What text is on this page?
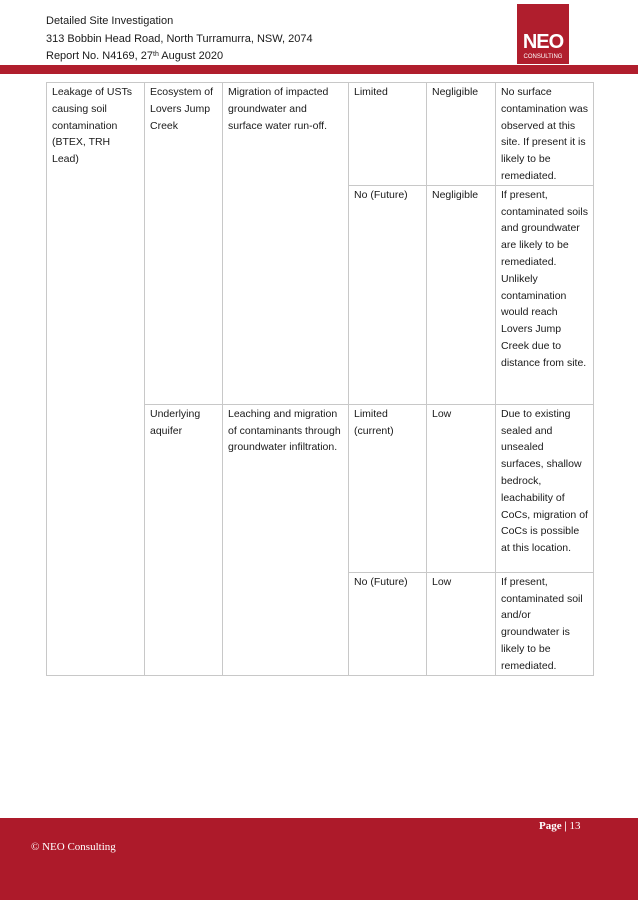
Detailed Site Investigation
313 Bobbin Head Road, North Turramurra, NSW, 2074
Report No. N4169, 27th August 2020
NEO
CONSULTING
Leakage of USTs causing soil contamination (BTEX, TRH Lead)	Ecosystem of Lovers Jump Creek	Migration of impacted groundwater and surface water run-off.	Limited	Negligible	No surface contamination was observed at this site. If present it is likely to be remediated.
			No (Future)	Negligible	If present, contaminated soils and groundwater are likely to be remediated. Unlikely contamination would reach Lovers Jump Creek due to distance from site.
	Underlying aquifer	Leaching and migration of contaminants through groundwater infiltration.	Limited (current)	Low	Due to existing sealed and unsealed surfaces, shallow bedrock, leachability of CoCs, migration of CoCs is possible at this location.
			No (Future)	Low	If present, contaminated soil and/or groundwater is likely to be remediated.
Page | 13
© NEO Consulting
